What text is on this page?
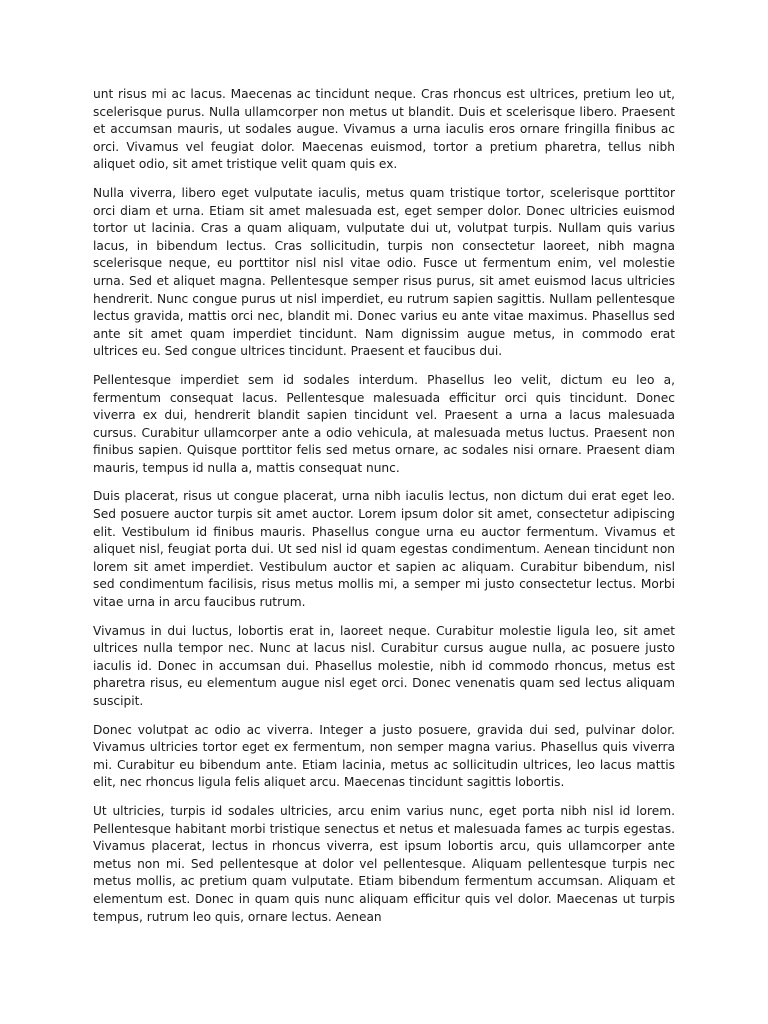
unt risus mi ac lacus. Maecenas ac tincidunt neque. Cras rhoncus est ultrices, pretium leo ut, scelerisque purus. Nulla ullamcorper non metus ut blandit. Duis et scelerisque libero. Praesent et accumsan mauris, ut sodales augue. Vivamus a urna iaculis eros ornare fringilla finibus ac orci. Vivamus vel feugiat dolor. Maecenas euismod, tortor a pretium pharetra, tellus nibh aliquet odio, sit amet tristique velit quam quis ex.

Nulla viverra, libero eget vulputate iaculis, metus quam tristique tortor, scelerisque porttitor orci diam et urna. Etiam sit amet malesuada est, eget semper dolor. Donec ultricies euismod tortor ut lacinia. Cras a quam aliquam, vulputate dui ut, volutpat turpis. Nullam quis varius lacus, in bibendum lectus. Cras sollicitudin, turpis non consectetur laoreet, nibh magna scelerisque neque, eu porttitor nisl nisl vitae odio. Fusce ut fermentum enim, vel molestie urna. Sed et aliquet magna. Pellentesque semper risus purus, sit amet euismod lacus ultricies hendrerit. Nunc congue purus ut nisl imperdiet, eu rutrum sapien sagittis. Nullam pellentesque lectus gravida, mattis orci nec, blandit mi. Donec varius eu ante vitae maximus. Phasellus sed ante sit amet quam imperdiet tincidunt. Nam dignissim augue metus, in commodo erat ultrices eu. Sed congue ultrices tincidunt. Praesent et faucibus dui.

Pellentesque imperdiet sem id sodales interdum. Phasellus leo velit, dictum eu leo a, fermentum consequat lacus. Pellentesque malesuada efficitur orci quis tincidunt. Donec viverra ex dui, hendrerit blandit sapien tincidunt vel. Praesent a urna a lacus malesuada cursus. Curabitur ullamcorper ante a odio vehicula, at malesuada metus luctus. Praesent non finibus sapien. Quisque porttitor felis sed metus ornare, ac sodales nisi ornare. Praesent diam mauris, tempus id nulla a, mattis consequat nunc.

Duis placerat, risus ut congue placerat, urna nibh iaculis lectus, non dictum dui erat eget leo. Sed posuere auctor turpis sit amet auctor. Lorem ipsum dolor sit amet, consectetur adipiscing elit. Vestibulum id finibus mauris. Phasellus congue urna eu auctor fermentum. Vivamus et aliquet nisl, feugiat porta dui. Ut sed nisl id quam egestas condimentum. Aenean tincidunt non lorem sit amet imperdiet. Vestibulum auctor et sapien ac aliquam. Curabitur bibendum, nisl sed condimentum facilisis, risus metus mollis mi, a semper mi justo consectetur lectus. Morbi vitae urna in arcu faucibus rutrum.

Vivamus in dui luctus, lobortis erat in, laoreet neque. Curabitur molestie ligula leo, sit amet ultrices nulla tempor nec. Nunc at lacus nisl. Curabitur cursus augue nulla, ac posuere justo iaculis id. Donec in accumsan dui. Phasellus molestie, nibh id commodo rhoncus, metus est pharetra risus, eu elementum augue nisl eget orci. Donec venenatis quam sed lectus aliquam suscipit.

Donec volutpat ac odio ac viverra. Integer a justo posuere, gravida dui sed, pulvinar dolor. Vivamus ultricies tortor eget ex fermentum, non semper magna varius. Phasellus quis viverra mi. Curabitur eu bibendum ante. Etiam lacinia, metus ac sollicitudin ultrices, leo lacus mattis elit, nec rhoncus ligula felis aliquet arcu. Maecenas tincidunt sagittis lobortis.

Ut ultricies, turpis id sodales ultricies, arcu enim varius nunc, eget porta nibh nisl id lorem. Pellentesque habitant morbi tristique senectus et netus et malesuada fames ac turpis egestas. Vivamus placerat, lectus in rhoncus viverra, est ipsum lobortis arcu, quis ullamcorper ante metus non mi. Sed pellentesque at dolor vel pellentesque. Aliquam pellentesque turpis nec metus mollis, ac pretium quam vulputate. Etiam bibendum fermentum accumsan. Aliquam et elementum est. Donec in quam quis nunc aliquam efficitur quis vel dolor. Maecenas ut turpis tempus, rutrum leo quis, ornare lectus. Aenean
